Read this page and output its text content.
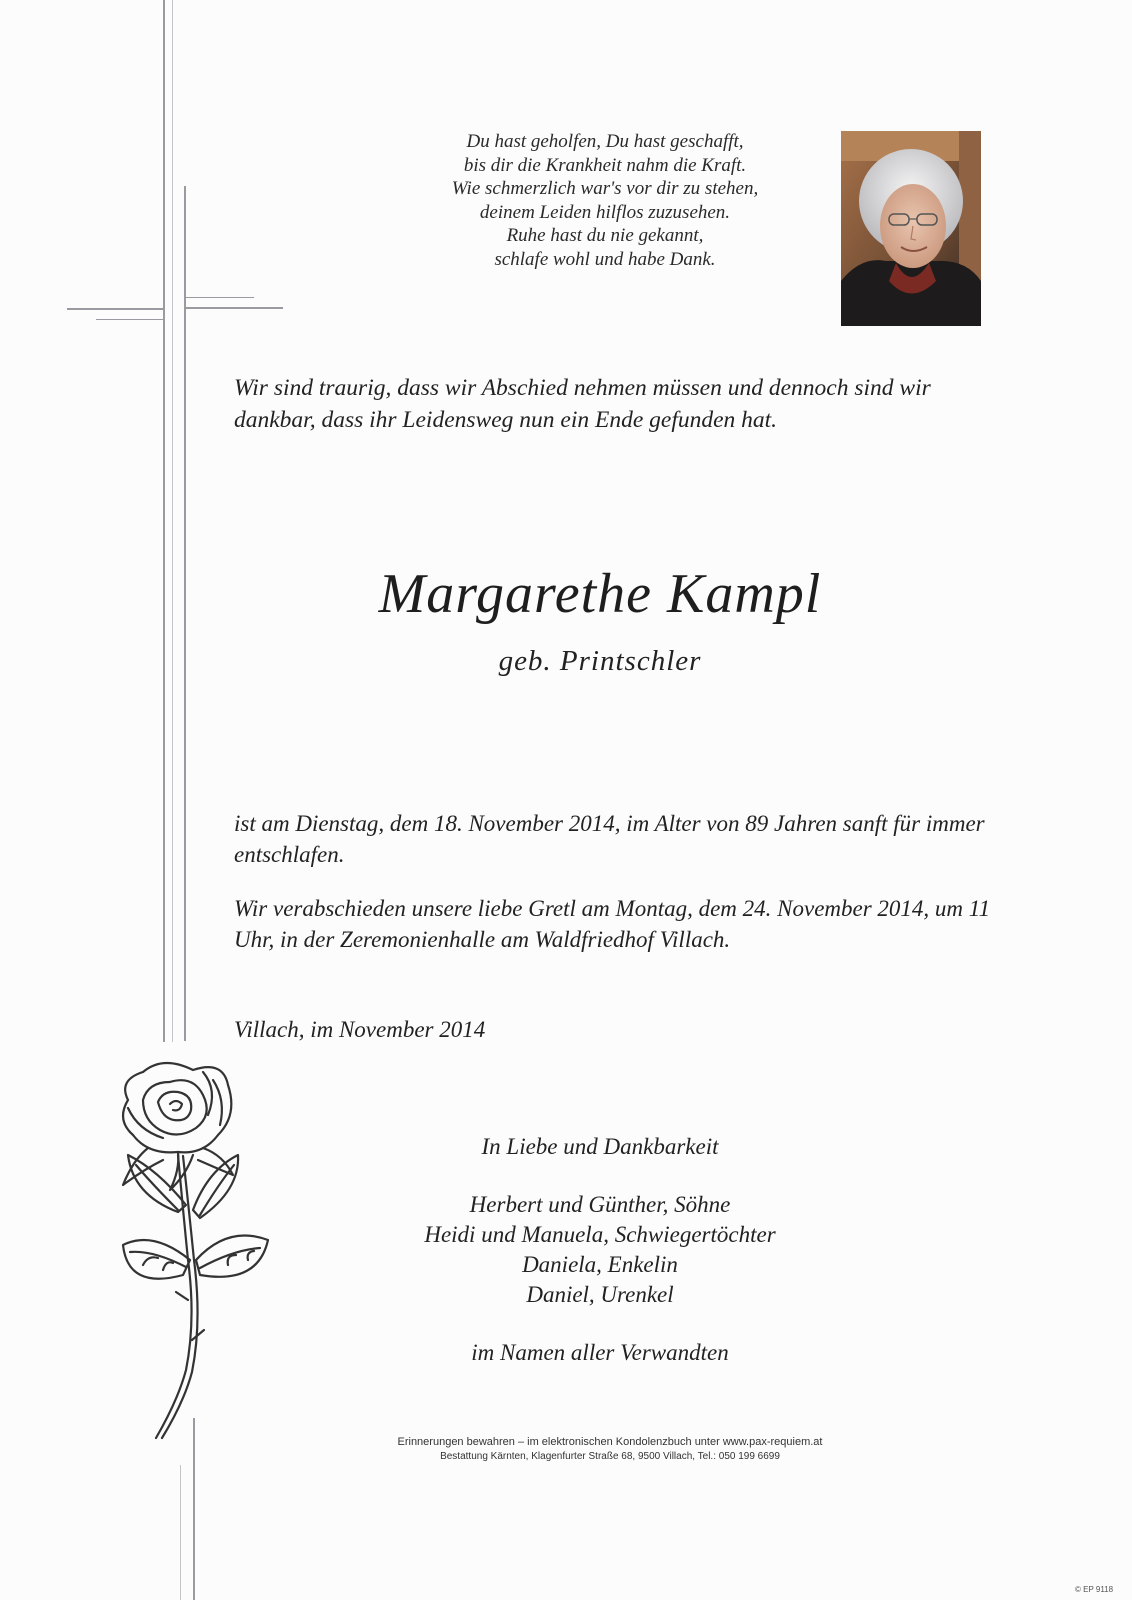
Du hast geholfen, Du hast geschafft,
bis dir die Krankheit nahm die Kraft.
Wie schmerzlich war's vor dir zu stehen,
deinem Leiden hilflos zuzusehen.
Ruhe hast du nie gekannt,
schlafe wohl und habe Dank.
Wir sind traurig, dass wir Abschied nehmen müssen und dennoch sind wir dankbar, dass ihr Leidensweg nun ein Ende gefunden hat.
Margarethe Kampl
geb. Printschler
ist am Dienstag, dem 18. November 2014, im Alter von 89 Jahren sanft für immer entschlafen.
Wir verabschieden unsere liebe Gretl am Montag, dem 24. November 2014, um 11 Uhr, in der Zeremonienhalle am Waldfriedhof Villach.
Villach, im November 2014
In Liebe und Dankbarkeit
Herbert und Günther, Söhne
Heidi und Manuela, Schwiegertöchter
Daniela, Enkelin
Daniel, Urenkel
im Namen aller Verwandten
Erinnerungen bewahren – im elektronischen Kondolenzbuch unter www.pax-requiem.at
Bestattung Kärnten, Klagenfurter Straße 68, 9500 Villach, Tel.: 050 199 6699
© EP 9118
